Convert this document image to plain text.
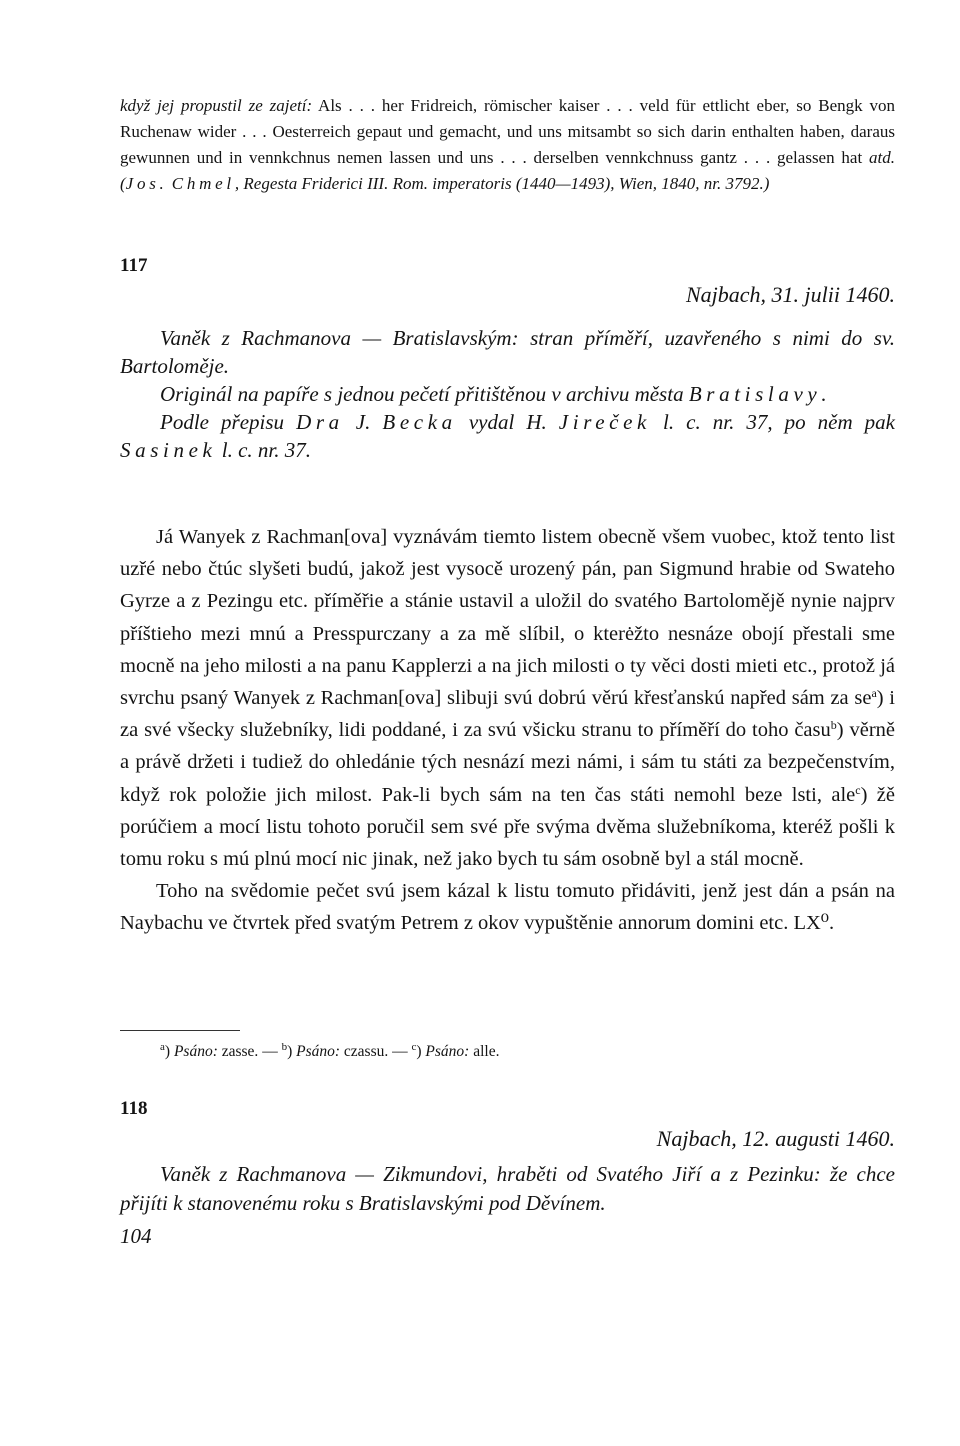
když jej propustil ze zajetí: Als . . . her Fridreich, römischer kaiser . . . veld für ettlicht eber, so Bengk von Ruchenaw wider . . . Oesterreich gepaut und gemacht, und uns mitsambt so sich darin enthalten haben, daraus gewunnen und in vennkchnus nemen lassen und uns . . . derselben vennkchnuss gantz . . . gelassen hat atd. (Jos. Chmel, Regesta Friderici III. Rom. imperatoris (1440—1493), Wien, 1840, nr. 3792.)

117
Najbach, 31. julii 1460.

Vaněk z Rachmanova — Bratislavským: stran příměří, uzavřeného s nimi do sv. Bartoloměje.

Originál na papíře s jednou pečetí přitištěnou v archivu města Bratislavy.

Podle přepisu Dra J. Becka vydal H. Jireček l. c. nr. 37, po něm pak Sasinek l. c. nr. 37.

Já Wanyek z Rachman[ova] vyznávám tiemto listem obecně všem vuobec, ktož tento list uzřé nebo čtúc slyšeti budú, jakož jest vysocě urozený pán, pan Sigmund hrabie od Swateho Gyrze a z Pezingu etc. příměřie a stánie ustavil a uložil do svatého Bartolomějě nynie najprv příštieho mezi mnú a Presspurczany a za mě slíbil, o kterėžto nesnáze obojí přestali sme mocně na jeho milosti a na panu Kapplerzi a na jich milosti o ty věci dosti mieti etc., protož já svrchu psaný Wanyek z Rachman[ova] slibuji svú dobrú věrú křesťanskú napřed sám za $se^a$) i za své všecky služebníky, lidi poddané, i za svú všicku stranu to příměří do toho času$^b$) věrně a právě držeti i tudiež do ohledánie tých nesnází mezi námi, i sám tu státi za bezpečenstvím, když rok položie jich milost. Pak-li bych sám na ten čas státi nemohl beze lsti, ale$^c$) žě porúčiem a mocí listu tohoto poručil sem své pře svýma dvěma služebníkoma, kteréž pošli k tomu roku s mú plnú mocí nic jinak, než jako bych tu sám osobně byl a stál mocně.

Toho na svědomie pečet svú jsem kázal k listu tomuto přidáviti, jenž jest dán a psán na Naybachu ve čtvrtek před svatým Petrem z okov vypuštěnie annorum domini etc. LX⁰.

$^a$) Psáno: zasse. — $^b$) Psáno: czassu. — $^c$) Psáno: alle.

118
Najbach, 12. augusti 1460.

Vaněk z Rachmanova — Zikmundovi, hraběti od Svatého Jiří a z Pezinku: že chce přijíti k stanovenému roku s Bratislavskými pod Děvínem.

104
